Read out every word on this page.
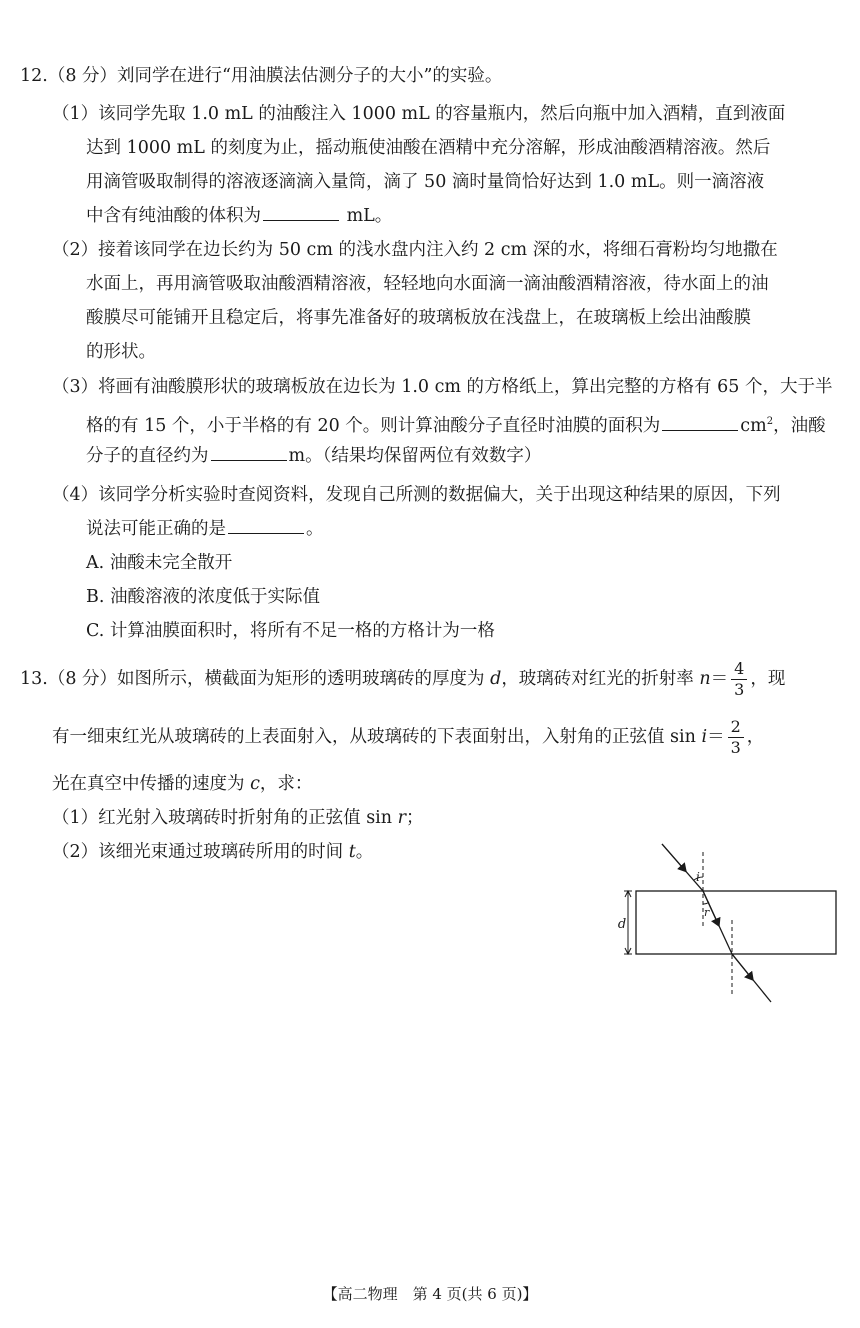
12.（8 分）刘同学在进行“用油膜法估测分子的大小”的实验。
（1）该同学先取 1.0 mL 的油酸注入 1000 mL 的容量瓶内，然后向瓶中加入酒精，直到液面
达到 1000 mL 的刻度为止，摇动瓶使油酸在酒精中充分溶解，形成油酸酒精溶液。然后
用滴管吸取制得的溶液逐滴滴入量筒，滴了 50 滴时量筒恰好达到 1.0 mL。则一滴溶液
中含有纯油酸的体积为	mL。
（2）接着该同学在边长约为 50 cm 的浅水盘内注入约 2 cm 深的水，将细石膏粉均匀地撒在
水面上，再用滴管吸取油酸酒精溶液，轻轻地向水面滴一滴油酸酒精溶液，待水面上的油
酸膜尽可能铺开且稳定后，将事先准备好的玻璃板放在浅盘上，在玻璃板上绘出油酸膜
的形状。
（3）将画有油酸膜形状的玻璃板放在边长为 1.0 cm 的方格纸上，算出完整的方格有 65 个，大于半
格的有 15 个，小于半格的有 20 个。则计算油酸分子直径时油膜的面积为	$cm^2$，油酸
分子的直径约为	m。（结果均保留两位有效数字）
（4）该同学分析实验时查阅资料，发现自己所测的数据偏大，关于出现这种结果的原因，下列
说法可能正确的是	。
A. 油酸未完全散开
B. 油酸溶液的浓度低于实际值
C. 计算油膜面积时，将所有不足一格的方格计为一格
13.（8 分）如图所示，横截面为矩形的透明玻璃砖的厚度为 d，玻璃砖对红光的折射率 $n= \frac{4}{3}$ ，现
有一细束红光从玻璃砖的上表面射入，从玻璃砖的下表面射出，入射角的正弦值 $\sin i= \frac{2}{3}$ ，
光在真空中传播的速度为 c，求：
（1）红光射入玻璃砖时折射角的正弦值 sin r；
（2）该细光束通过玻璃砖所用的时间 t。
d
i
r
【高二物理　第 4 页(共 6 页)】
